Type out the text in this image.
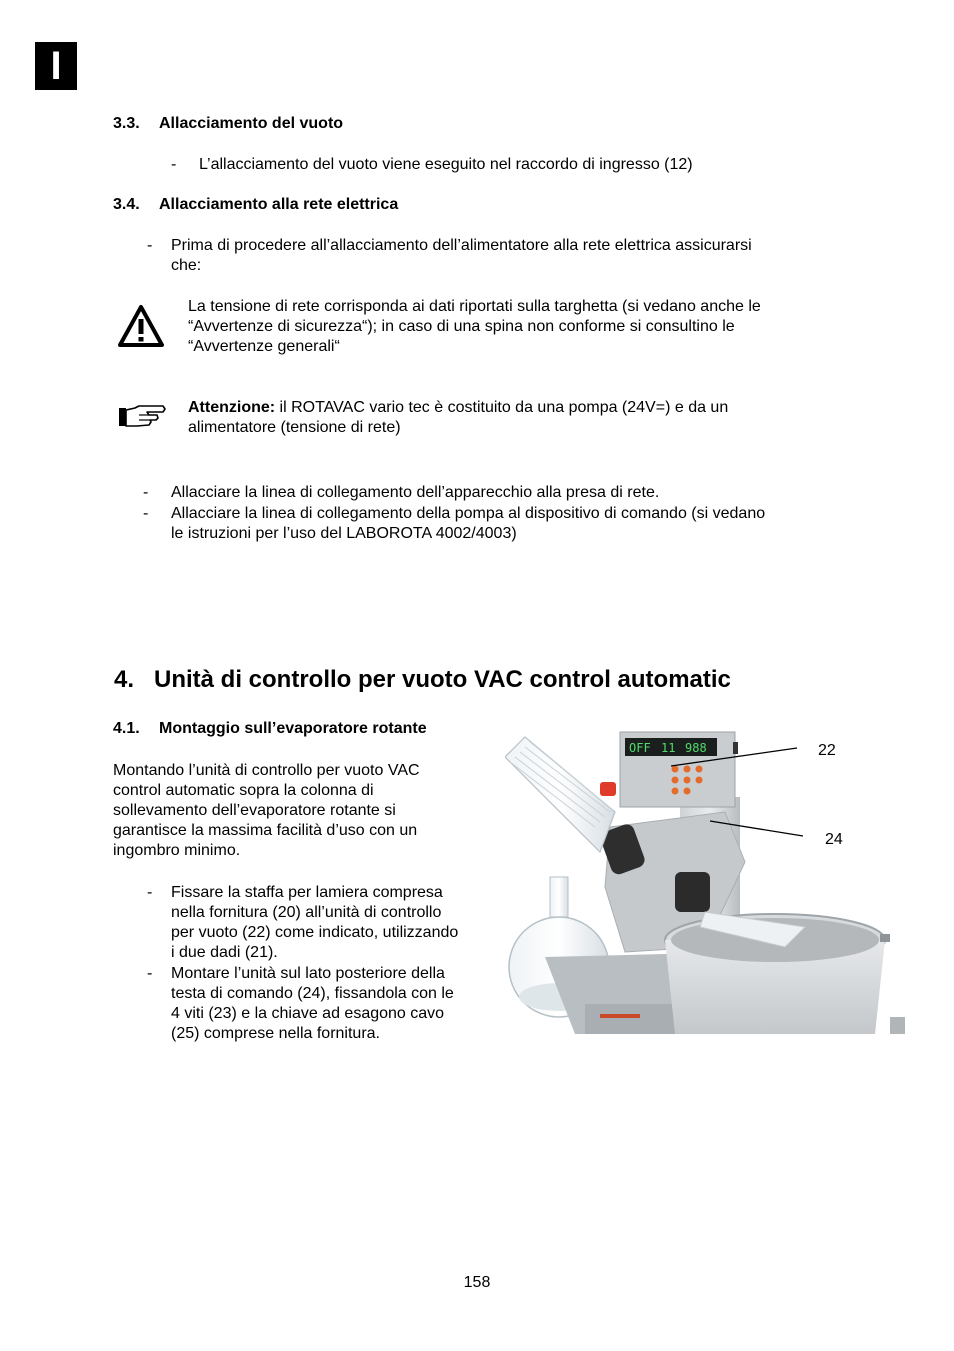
I
3.3. Allacciamento del vuoto
- L’allacciamento del vuoto viene eseguito nel raccordo di ingresso (12)
3.4. Allacciamento alla rete elettrica
- Prima di procedere all’allacciamento dell’alimentatore alla rete elettrica assicurarsi
che:
La tensione di rete corrisponda ai dati riportati sulla targhetta (si vedano anche le
“Avvertenze di sicurezza“); in caso di una spina non conforme si consultino le
“Avvertenze generali“
Attenzione: il ROTAVAC vario tec è costituito da una pompa (24V=) e da un
alimentatore (tensione di rete)
- Allacciare la linea di collegamento dell’apparecchio alla presa di rete.
- Allacciare la linea di collegamento della pompa al dispositivo di comando (si vedano
le istruzioni per l’uso del LABOROTA 4002/4003)
4. Unità di controllo per vuoto VAC control automatic
4.1. Montaggio sull’evaporatore rotante
Montando l’unità di controllo per vuoto VAC
control automatic sopra la colonna di
sollevamento dell’evaporatore rotante si
garantisce la massima facilità d’uso con un
ingombro minimo.
- Fissare la staffa per lamiera compresa
nella fornitura (20) all’unità di controllo
per vuoto (22) come indicato, utilizzando
i due dadi (21).
- Montare l’unità sul lato posteriore della
testa di comando (24), fissandola con le
4 viti (23) e la chiave ad esagono cavo
(25) comprese nella fornitura.
OFF 11 988	22
24
158
